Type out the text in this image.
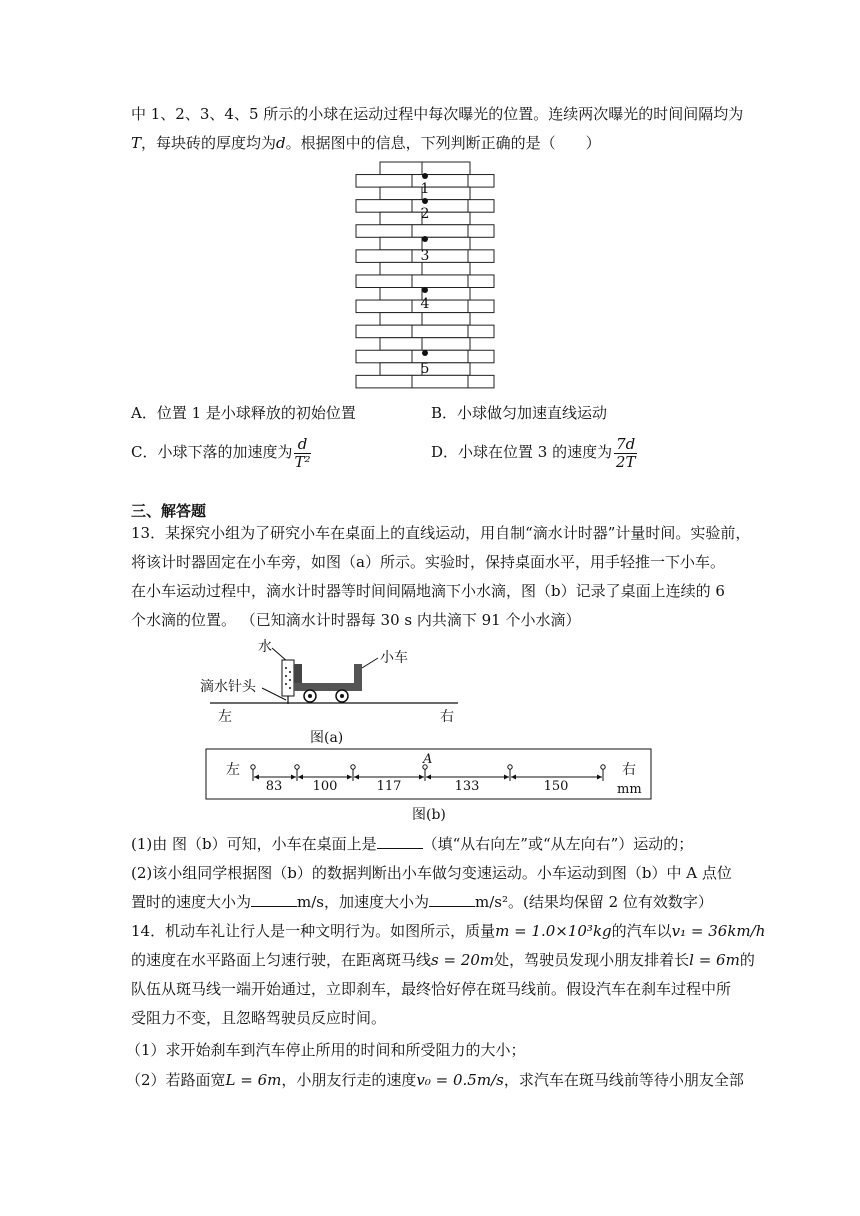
中 1、2、3、4、5 所示的小球在运动过程中每次曝光的位置。连续两次曝光的时间间隔均为
T，每块砖的厚度均为d。根据图中的信息，下列判断正确的是（　　）
1
2
3
4
5
A．位置 1 是小球释放的初始位置	B．小球做匀加速直线运动
C．小球下落的加速度为 $\frac{d}{\text{T²}}$	D．小球在位置 3 的速度为 $\frac{7d}{2T}$
三、解答题
13．某探究小组为了研究小车在桌面上的直线运动，用自制“滴水计时器”计量时间。实验前，
将该计时器固定在小车旁，如图（a）所示。实验时，保持桌面水平，用手轻推一下小车。
在小车运动过程中，滴水计时器等时间间隔地滴下小水滴，图（b）记录了桌面上连续的 6
个水滴的位置。 （已知滴水计时器每 30 s 内共滴下 91 个小水滴）
水
小车
滴水针头
左	右
图(a)
左	右
mm
A
83 100	117	133	150
图(b)
(1)由 图（b）可知，小车在桌面上是	（填“从右向左”或“从左向右”）运动的；
(2)该小组同学根据图（b）的数据判断出小车做匀变速运动。小车运动到图（b）中 A 点位
置时的速度大小为	m/s，加速度大小为	m/s²。(结果均保留 2 位有效数字）
14．机动车礼让行人是一种文明行为。如图所示，质量m = 1.0×10³kg的汽车以v₁ = 36km/h
的速度在水平路面上匀速行驶，在距离斑马线s = 20m处，驾驶员发现小朋友排着长l = 6m的
队伍从斑马线一端开始通过，立即刹车，最终恰好停在斑马线前。假设汽车在刹车过程中所
受阻力不变，且忽略驾驶员反应时间。
（1）求开始刹车到汽车停止所用的时间和所受阻力的大小；
（2）若路面宽L = 6m，小朋友行走的速度v₀ = 0.5m/s，求汽车在斑马线前等待小朋友全部
